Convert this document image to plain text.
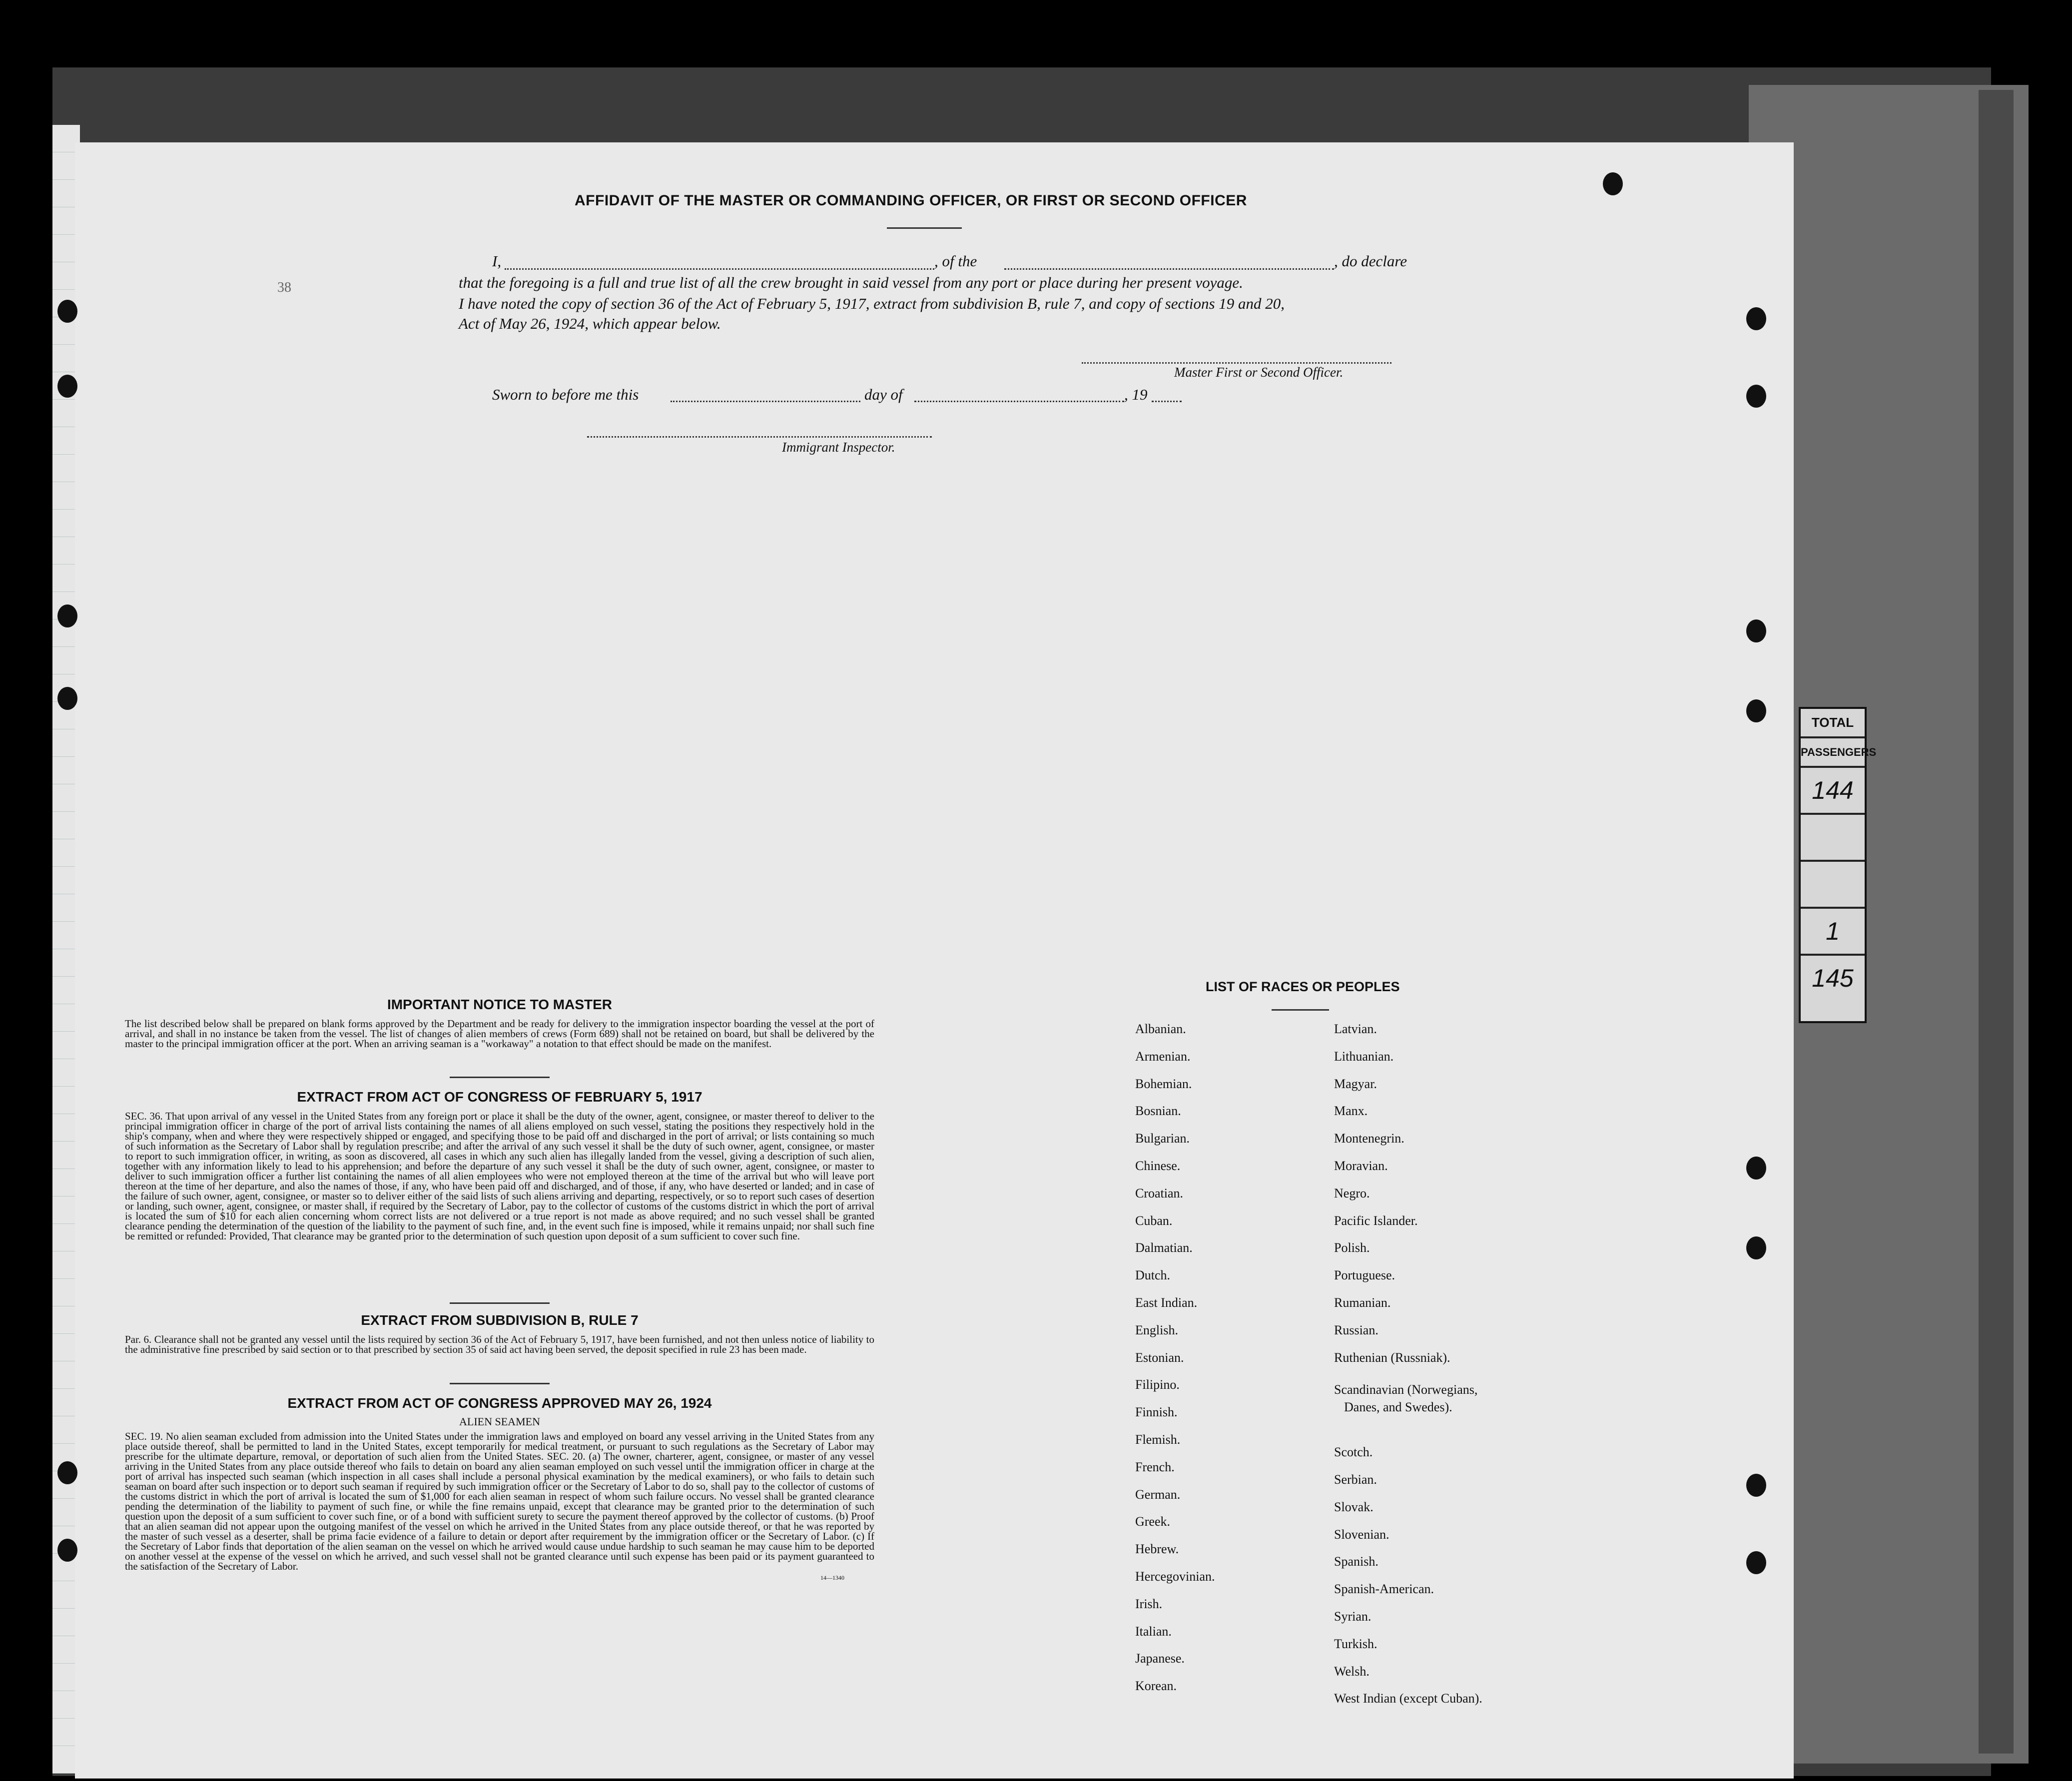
TOTAL
PASSENGERS
144
1
145
38
AFFIDAVIT OF THE MASTER OR COMMANDING OFFICER, OR FIRST OR SECOND OFFICER
I,	, of the	, do declare
that the foregoing is a full and true list of all the crew brought in said vessel from any port or place during her present voyage.
I have noted the copy of section 36 of the Act of February 5, 1917, extract from subdivision B, rule 7, and copy of sections 19 and 20,
Act of May 26, 1924, which appear below.
Master First or Second Officer.
Sworn to before me this	day of	, 19
Immigrant Inspector.
IMPORTANT NOTICE TO MASTER

The list described below shall be prepared on blank forms approved by the Department and be ready for delivery to the immigration inspector boarding the vessel at the port of arrival, and shall in no instance be taken from the vessel. The list of changes of alien members of crews (Form 689) shall not be retained on board, but shall be delivered by the master to the principal immigration officer at the port. When an arriving seaman is a "workaway" a notation to that effect should be made on the manifest.

EXTRACT FROM ACT OF CONGRESS OF FEBRUARY 5, 1917

SEC. 36. That upon arrival of any vessel in the United States from any foreign port or place it shall be the duty of the owner, agent, consignee, or master thereof to deliver to the principal immigration officer in charge of the port of arrival lists containing the names of all aliens employed on such vessel, stating the positions they respectively hold in the ship's company, when and where they were respectively shipped or engaged, and specifying those to be paid off and discharged in the port of arrival; or lists containing so much of such information as the Secretary of Labor shall by regulation prescribe; and after the arrival of any such vessel it shall be the duty of such owner, agent, consignee, or master to report to such immigration officer, in writing, as soon as discovered, all cases in which any such alien has illegally landed from the vessel, giving a description of such alien, together with any information likely to lead to his apprehension; and before the departure of any such vessel it shall be the duty of such owner, agent, consignee, or master to deliver to such immigration officer a further list containing the names of all alien employees who were not employed thereon at the time of the arrival but who will leave port thereon at the time of her departure, and also the names of those, if any, who have been paid off and discharged, and of those, if any, who have deserted or landed; and in case of the failure of such owner, agent, consignee, or master so to deliver either of the said lists of such aliens arriving and departing, respectively, or so to report such cases of desertion or landing, such owner, agent, consignee, or master shall, if required by the Secretary of Labor, pay to the collector of customs of the customs district in which the port of arrival is located the sum of $10 for each alien concerning whom correct lists are not delivered or a true report is not made as above required; and no such vessel shall be granted clearance pending the determination of the question of the liability to the payment of such fine, and, in the event such fine is imposed, while it remains unpaid; nor shall such fine be remitted or refunded: Provided, That clearance may be granted prior to the determination of such question upon deposit of a sum sufficient to cover such fine.

EXTRACT FROM SUBDIVISION B, RULE 7

Par. 6. Clearance shall not be granted any vessel until the lists required by section 36 of the Act of February 5, 1917, have been furnished, and not then unless notice of liability to the administrative fine prescribed by said section or to that prescribed by section 35 of said act having been served, the deposit specified in rule 23 has been made.

EXTRACT FROM ACT OF CONGRESS APPROVED MAY 26, 1924
ALIEN SEAMEN

SEC. 19. No alien seaman excluded from admission into the United States under the immigration laws and employed on board any vessel arriving in the United States from any place outside thereof, shall be permitted to land in the United States, except temporarily for medical treatment, or pursuant to such regulations as the Secretary of Labor may prescribe for the ultimate departure, removal, or deportation of such alien from the United States. SEC. 20. (a) The owner, charterer, agent, consignee, or master of any vessel arriving in the United States from any place outside thereof who fails to detain on board any alien seaman employed on such vessel until the immigration officer in charge at the port of arrival has inspected such seaman (which inspection in all cases shall include a personal physical examination by the medical examiners), or who fails to detain such seaman on board after such inspection or to deport such seaman if required by such immigration officer or the Secretary of Labor to do so, shall pay to the collector of customs of the customs district in which the port of arrival is located the sum of $1,000 for each alien seaman in respect of whom such failure occurs. No vessel shall be granted clearance pending the determination of the liability to payment of such fine, or while the fine remains unpaid, except that clearance may be granted prior to the determination of such question upon the deposit of a sum sufficient to cover such fine, or of a bond with sufficient surety to secure the payment thereof approved by the collector of customs. (b) Proof that an alien seaman did not appear upon the outgoing manifest of the vessel on which he arrived in the United States from any place outside thereof, or that he was reported by the master of such vessel as a deserter, shall be prima facie evidence of a failure to detain or deport after requirement by the immigration officer or the Secretary of Labor. (c) If the Secretary of Labor finds that deportation of the alien seaman on the vessel on which he arrived would cause undue hardship to such seaman he may cause him to be deported on another vessel at the expense of the vessel on which he arrived, and such vessel shall not be granted clearance until such expense has been paid or its payment guaranteed to the satisfaction of the Secretary of Labor.

14—1340
LIST OF RACES OR PEOPLES
Albanian.
Armenian.
Bohemian.
Bosnian.
Bulgarian.
Chinese.
Croatian.
Cuban.
Dalmatian.
Dutch.
East Indian.
English.
Estonian.
Filipino.
Finnish.
Flemish.
French.
German.
Greek.
Hebrew.
Hercegovinian.
Irish.
Italian.
Japanese.
Korean.
Latvian.
Lithuanian.
Magyar.
Manx.
Montenegrin.
Moravian.
Negro.
Pacific Islander.
Polish.
Portuguese.
Rumanian.
Russian.
Ruthenian (Russniak).
Scandinavian (Norwegians,
Danes, and Swedes).
Scotch.
Serbian.
Slovak.
Slovenian.
Spanish.
Spanish-American.
Syrian.
Turkish.
Welsh.
West Indian (except Cuban).
